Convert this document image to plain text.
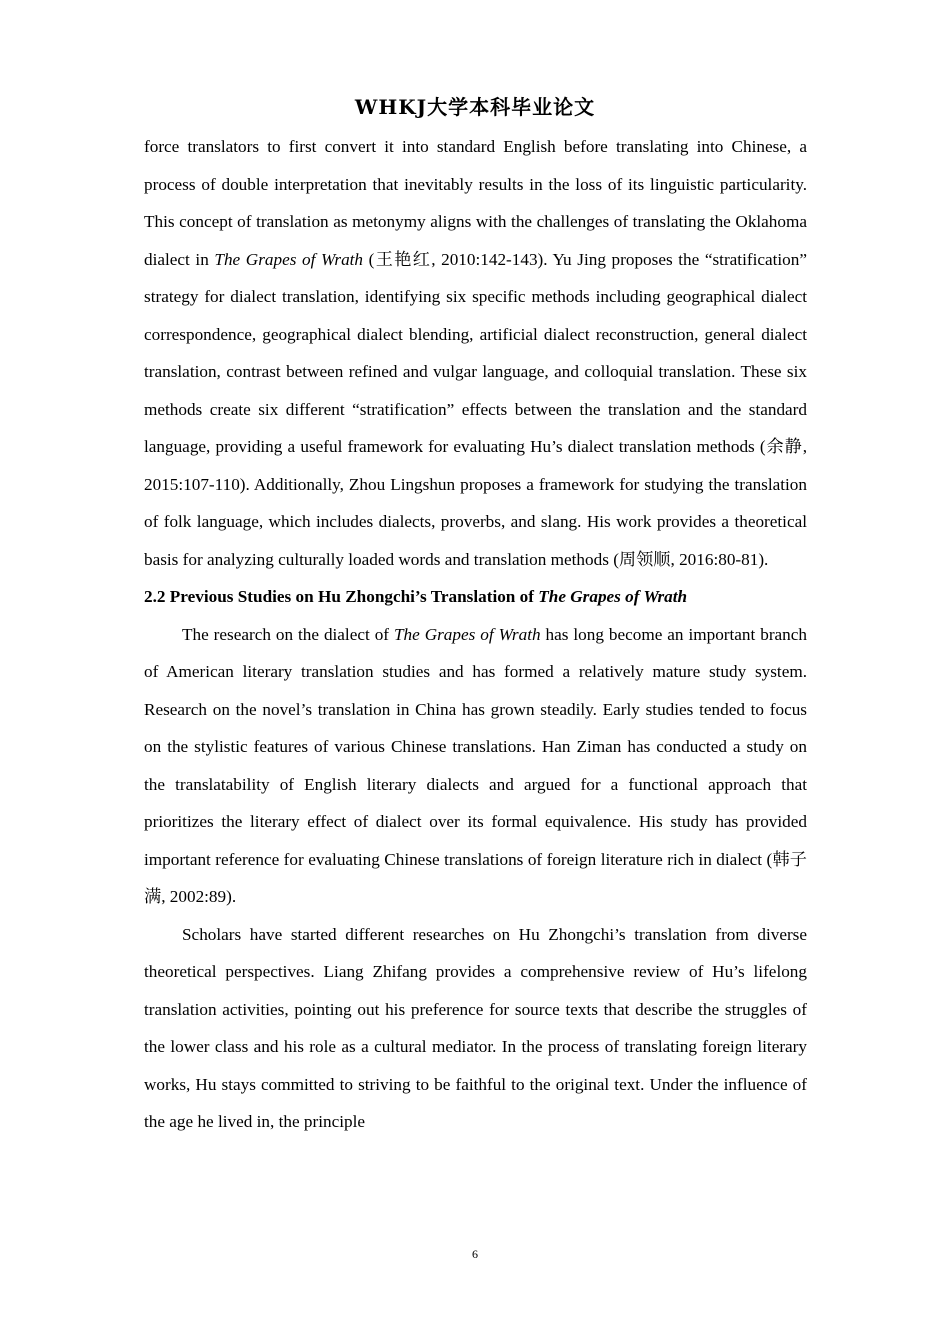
WHKJ大学本科毕业论文

force translators to first convert it into standard English before translating into Chinese, a process of double interpretation that inevitably results in the loss of its linguistic particularity. This concept of translation as metonymy aligns with the challenges of translating the Oklahoma dialect in The Grapes of Wrath (王艳红, 2010:142-143). Yu Jing proposes the “stratification” strategy for dialect translation, identifying six specific methods including geographical dialect correspondence, geographical dialect blending, artificial dialect reconstruction, general dialect translation, contrast between refined and vulgar language, and colloquial translation. These six methods create six different “stratification” effects between the translation and the standard language, providing a useful framework for evaluating Hu’s dialect translation methods (余静, 2015:107-110). Additionally, Zhou Lingshun proposes a framework for studying the translation of folk language, which includes dialects, proverbs, and slang. His work provides a theoretical basis for analyzing culturally loaded words and translation methods (周领顺, 2016:80-81).

2.2 Previous Studies on Hu Zhongchi’s Translation of The Grapes of Wrath

The research on the dialect of The Grapes of Wrath has long become an important branch of American literary translation studies and has formed a relatively mature study system. Research on the novel’s translation in China has grown steadily. Early studies tended to focus on the stylistic features of various Chinese translations. Han Ziman has conducted a study on the translatability of English literary dialects and argued for a functional approach that prioritizes the literary effect of dialect over its formal equivalence. His study has provided important reference for evaluating Chinese translations of foreign literature rich in dialect (韩子满, 2002:89).

Scholars have started different researches on Hu Zhongchi’s translation from diverse theoretical perspectives. Liang Zhifang provides a comprehensive review of Hu’s lifelong translation activities, pointing out his preference for source texts that describe the struggles of the lower class and his role as a cultural mediator. In the process of translating foreign literary works, Hu stays committed to striving to be faithful to the original text. Under the influence of the age he lived in, the principle

6
